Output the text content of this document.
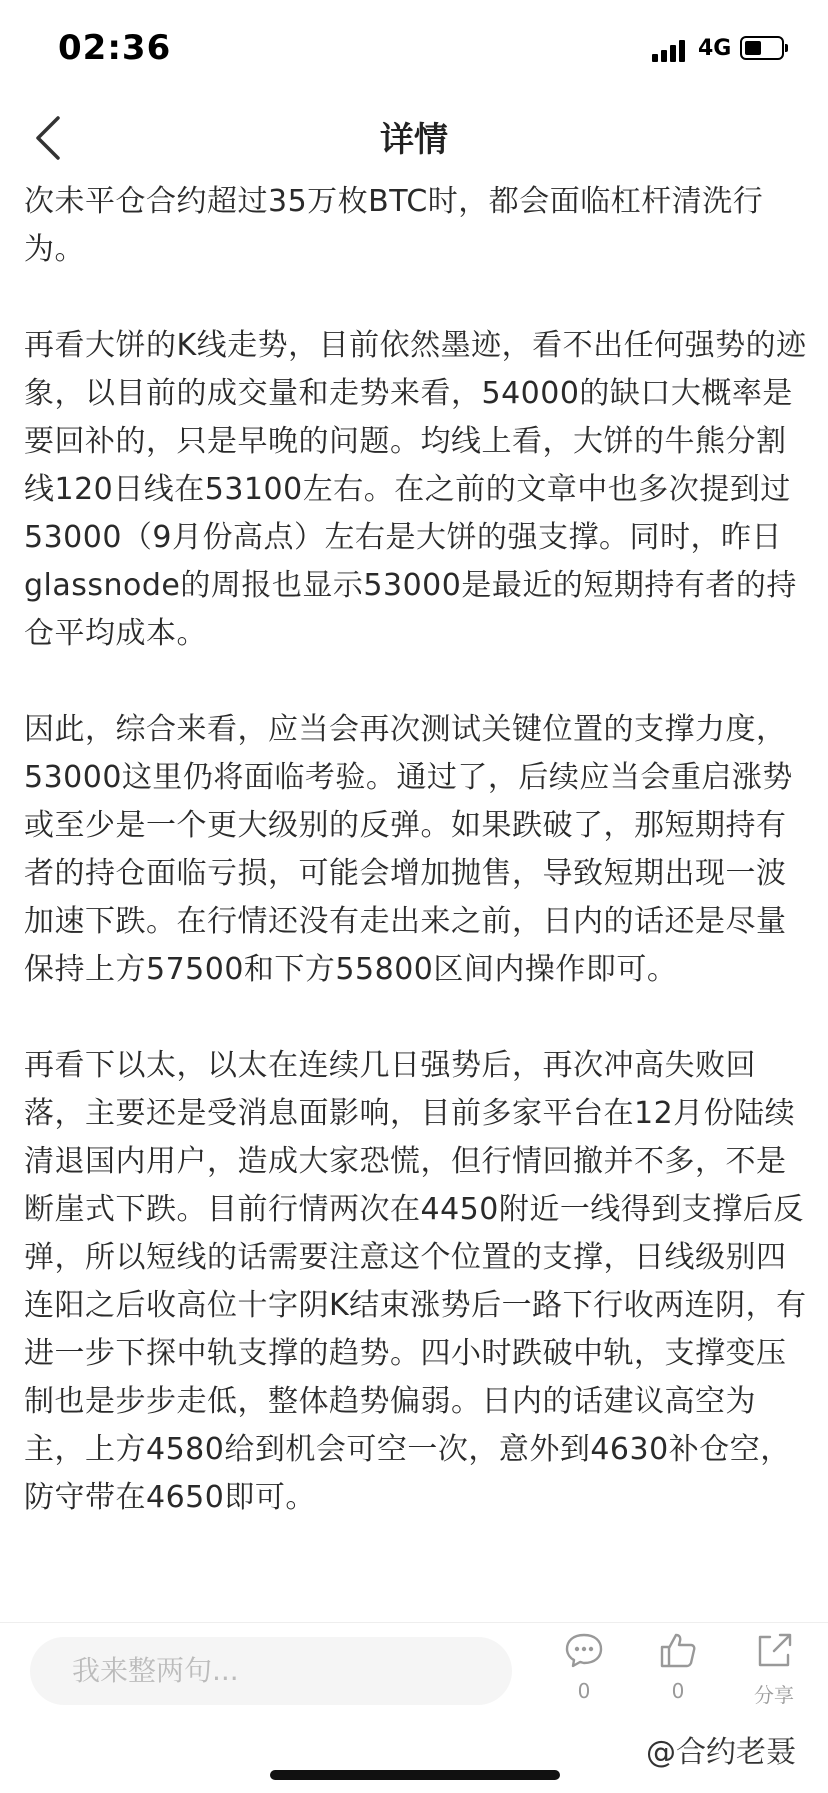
02:36	4G
详情

次未平仓合约超过35万枚BTC时，都会面临杠杆清洗行为。

再看大饼的K线走势，目前依然墨迹，看不出任何强势的迹象，以目前的成交量和走势来看，54000的缺口大概率是要回补的，只是早晚的问题。均线上看，大饼的牛熊分割线120日线在53100左右。在之前的文章中也多次提到过53000（9月份高点）左右是大饼的强支撑。同时，昨日glassnode的周报也显示53000是最近的短期持有者的持仓平均成本。

因此，综合来看，应当会再次测试关键位置的支撑力度，53000这里仍将面临考验。通过了，后续应当会重启涨势或至少是一个更大级别的反弹。如果跌破了，那短期持有者的持仓面临亏损，可能会增加抛售，导致短期出现一波加速下跌。在行情还没有走出来之前，日内的话还是尽量保持上方57500和下方55800区间内操作即可。

再看下以太，以太在连续几日强势后，再次冲高失败回落，主要还是受消息面影响，目前多家平台在12月份陆续清退国内用户，造成大家恐慌，但行情回撤并不多，不是断崖式下跌。目前行情两次在4450附近一线得到支撑后反弹，所以短线的话需要注意这个位置的支撑，日线级别四连阳之后收高位十字阴K结束涨势后一路下行收两连阴，有进一步下探中轨支撑的趋势。四小时跌破中轨，支撑变压制也是步步走低，整体趋势偏弱。日内的话建议高空为主，上方4580给到机会可空一次，意外到4630补仓空，防守带在4650即可。

我来整两句...
0	0	分享
@合约老聂
